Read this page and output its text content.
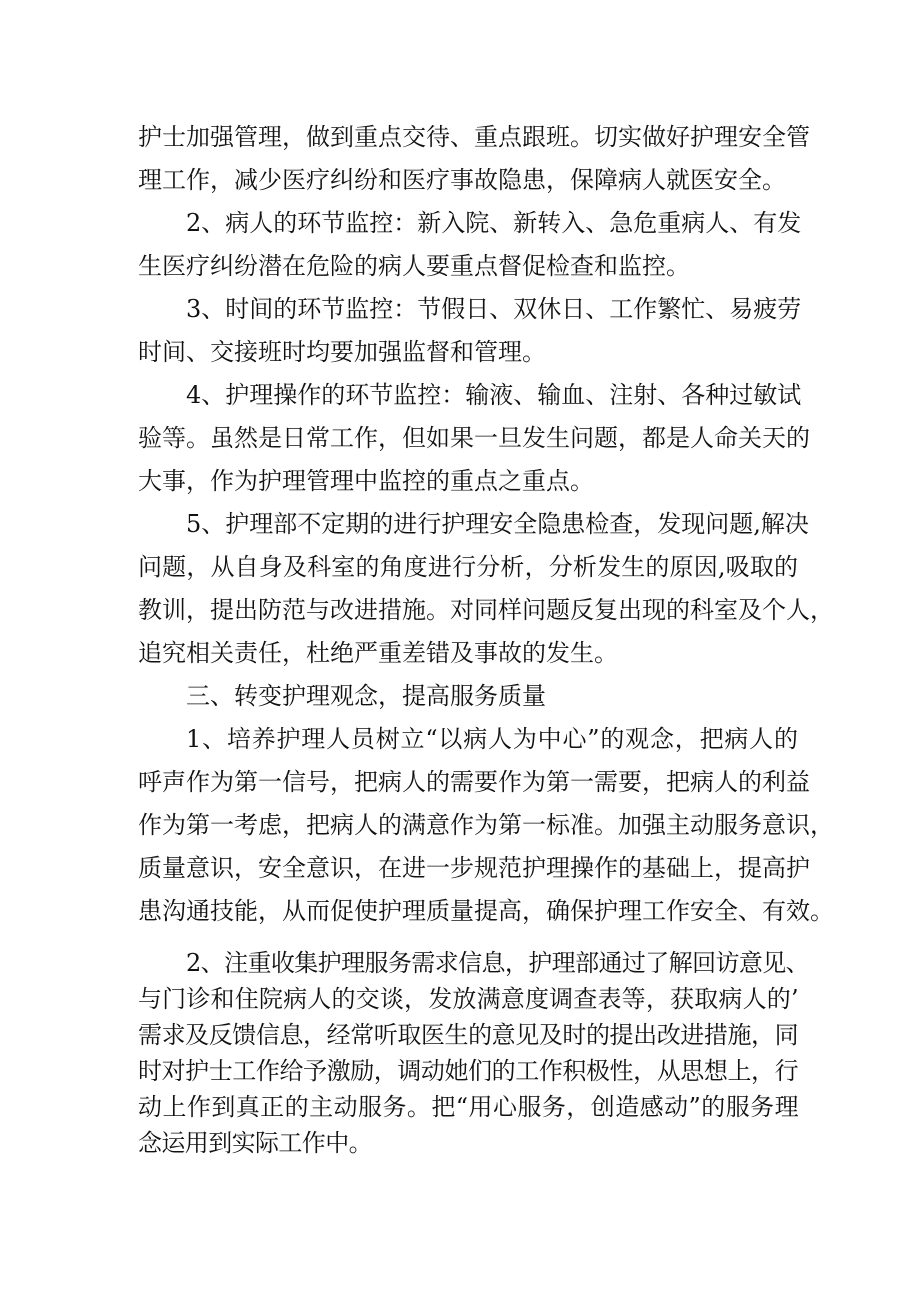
护士加强管理，做到重点交待、重点跟班。切实做好护理安全管
理工作，减少医疗纠纷和医疗事故隐患，保障病人就医安全。
2、病人的环节监控：新入院、新转入、急危重病人、有发
生医疗纠纷潜在危险的病人要重点督促检查和监控。
3、时间的环节监控：节假日、双休日、工作繁忙、易疲劳
时间、交接班时均要加强监督和管理。
4、护理操作的环节监控：输液、输血、注射、各种过敏试
验等。虽然是日常工作，但如果一旦发生问题，都是人命关天的
大事，作为护理管理中监控的重点之重点。
5、护理部不定期的进行护理安全隐患检查，发现问题,解决
问题，从自身及科室的角度进行分析，分析发生的原因,吸取的
教训，提出防范与改进措施。对同样问题反复出现的科室及个人，
追究相关责任，杜绝严重差错及事故的发生。
三、转变护理观念，提高服务质量
1、培养护理人员树立“以病人为中心”的观念，把病人的
呼声作为第一信号，把病人的需要作为第一需要，把病人的利益
作为第一考虑，把病人的满意作为第一标准。加强主动服务意识，
质量意识，安全意识，在进一步规范护理操作的基础上，提高护
患沟通技能，从而促使护理质量提高，确保护理工作安全、有效。
2、注重收集护理服务需求信息，护理部通过了解回访意见、
与门诊和住院病人的交谈，发放满意度调查表等，获取病人的’
需求及反馈信息，经常听取医生的意见及时的提出改进措施，同
时对护士工作给予激励，调动她们的工作积极性，从思想上，行
动上作到真正的主动服务。把“用心服务，创造感动”的服务理
念运用到实际工作中。
